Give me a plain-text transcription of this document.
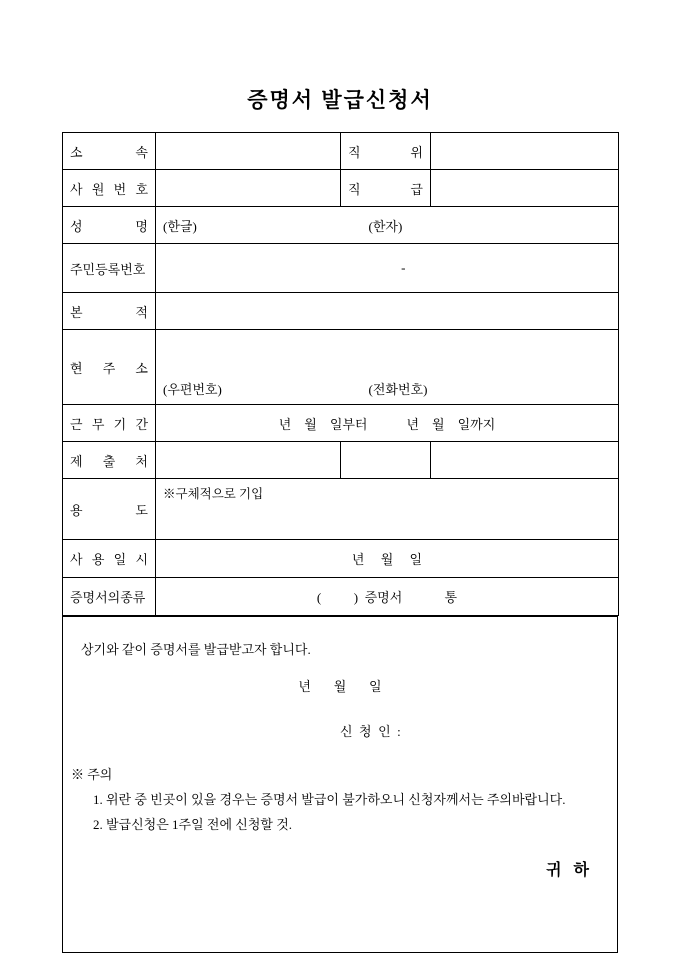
증명서 발급신청서
소 속		직 위	
사 원 번 호		직 급	
성 명	(한글) (한자)		

주민등록번호	-		

본 적			
현 주 소	(우편번호) (전화번호)		

근 무 기 간	년    월    일부터            년    월    일까지		
제 출 처			
용 도	※구체적으로 기입		
사 용 일 시	년     월     일		
증명서의종류	(          )  증명서             통		

상기와 같이 증명서를 발급받고자 합니다.

년       월       일

신  청  인  :

※ 주의

1. 위란 중 빈곳이 있을 경우는 증명서 발급이 불가하오니 신청자께서는 주의바랍니다.

2. 발급신청은 1주일 전에 신청할 것.

귀 하
